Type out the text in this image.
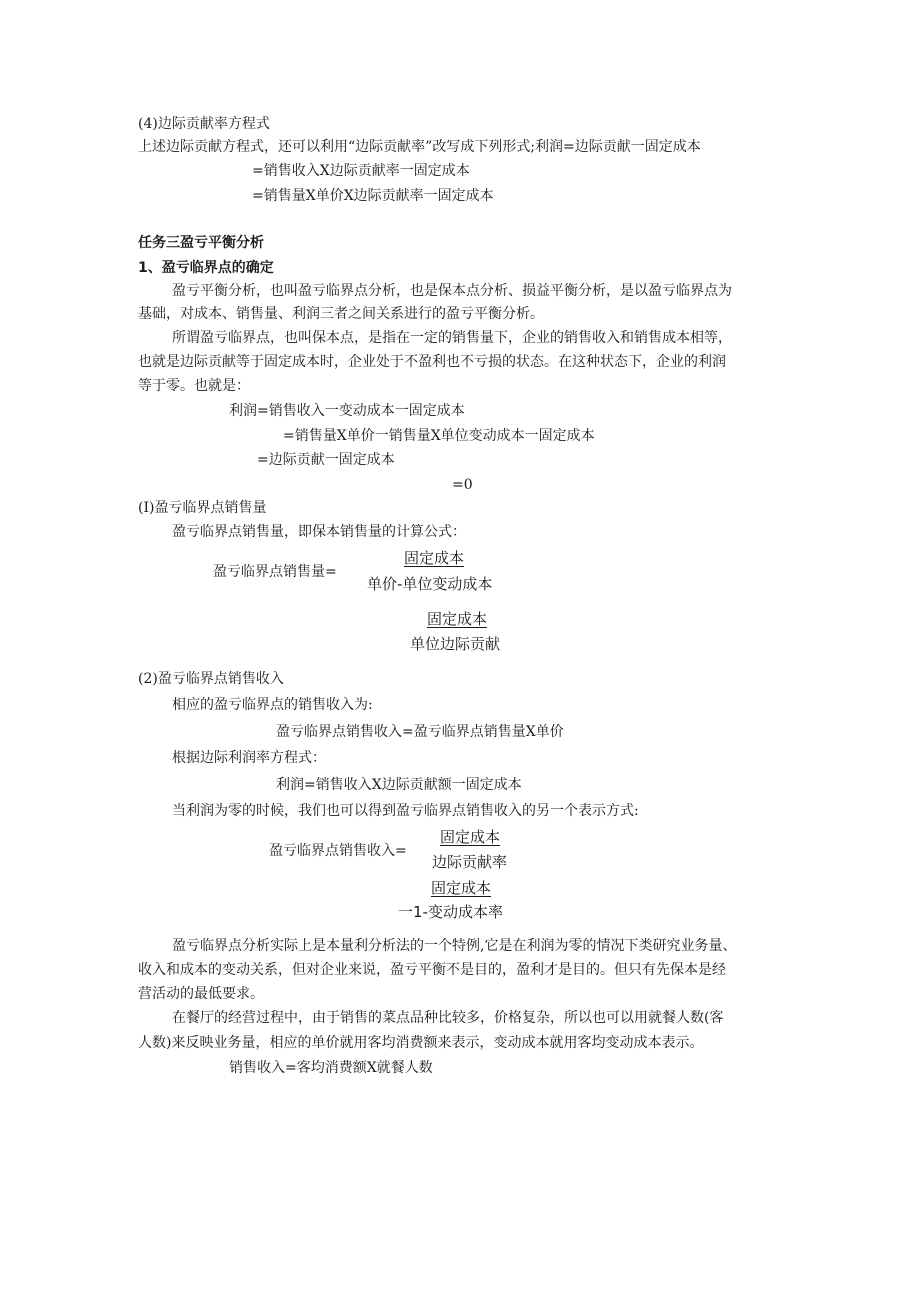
(4)边际贡献率方程式
上述边际贡献方程式，还可以利用“边际贡献率”改写成下列形式;利润=边际贡献一固定成本
=销售收入X边际贡献率一固定成本
=销售量X单价X边际贡献率一固定成本
任务三盈亏平衡分析
1、盈亏临界点的确定
盈亏平衡分析，也叫盈亏临界点分析，也是保本点分析、损益平衡分析，是以盈亏临界点为
基础，对成本、销售量、利润三者之间关系进行的盈亏平衡分析。
所谓盈亏临界点，也叫保本点，是指在一定的销售量下，企业的销售收入和销售成本相等，
也就是边际贡献等于固定成本时，企业处于不盈利也不亏损的状态。在这种状态下，企业的利润
等于零。也就是：
利润=销售收入一变动成本一固定成本
=销售量X单价一销售量X单位变动成本一固定成本
=边际贡献一固定成本
=0
(I)盈亏临界点销售量
盈亏临界点销售量，即保本销售量的计算公式：
盈亏临界点销售量=
固定成本
单价-单位变动成本
固定成本
单位边际贡献
(2)盈亏临界点销售收入
相应的盈亏临界点的销售收入为:
盈亏临界点销售收入=盈亏临界点销售量X单价
根据边际利润率方程式：
利润=销售收入X边际贡献额一固定成本
当利润为零的时候，我们也可以得到盈亏临界点销售收入的另一个表示方式:
盈亏临界点销售收入=
固定成本
边际贡献率
固定成本
一1-变动成本率
盈亏临界点分析实际上是本量利分析法的一个特例,它是在利润为零的情况下类研究业务量、
收入和成本的变动关系，但对企业来说，盈亏平衡不是目的，盈利才是目的。但只有先保本是经
营活动的最低要求。
在餐厅的经营过程中，由于销售的菜点品种比较多，价格复杂，所以也可以用就餐人数(客
人数)来反映业务量，相应的单价就用客均消费额来表示，变动成本就用客均变动成本表示。
销售收入=客均消费额X就餐人数
